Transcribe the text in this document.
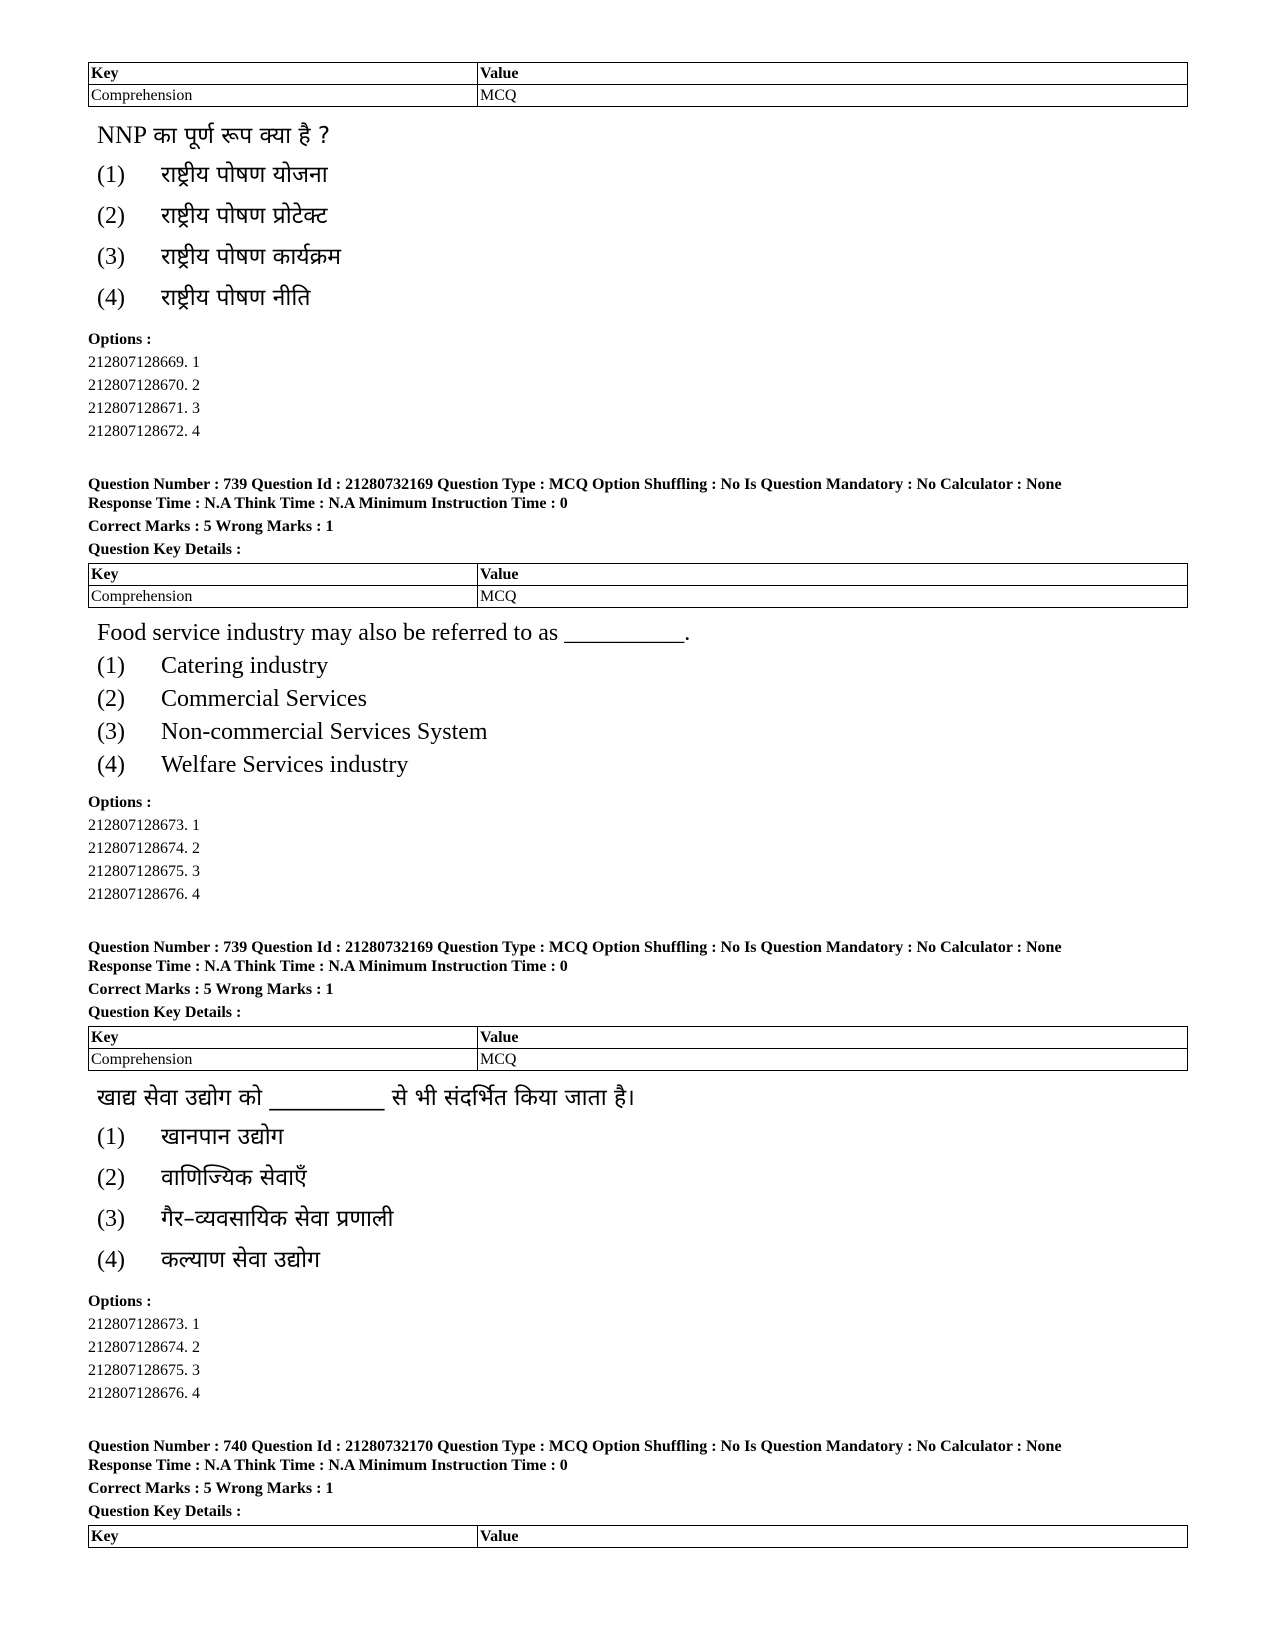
Key	Value
Comprehension	MCQ
NNP का पूर्ण रूप क्या है ?
(1)	राष्ट्रीय पोषण योजना
(2)	राष्ट्रीय पोषण प्रोटेक्ट
(3)	राष्ट्रीय पोषण कार्यक्रम
(4)	राष्ट्रीय पोषण नीति
Options :
212807128669. 1
212807128670. 2
212807128671. 3
212807128672. 4
Question Number : 739 Question Id : 21280732169 Question Type : MCQ Option Shuffling : No Is Question Mandatory : No Calculator : None
Response Time : N.A Think Time : N.A Minimum Instruction Time : 0
Correct Marks : 5 Wrong Marks : 1
Question Key Details :
Key	Value
Comprehension	MCQ
Food service industry may also be referred to as __________.
(1)	Catering industry
(2)	Commercial Services
(3)	Non-commercial Services System
(4)	Welfare Services industry
Options :
212807128673. 1
212807128674. 2
212807128675. 3
212807128676. 4
Question Number : 739 Question Id : 21280732169 Question Type : MCQ Option Shuffling : No Is Question Mandatory : No Calculator : None
Response Time : N.A Think Time : N.A Minimum Instruction Time : 0
Correct Marks : 5 Wrong Marks : 1
Question Key Details :
Key	Value
Comprehension	MCQ
खाद्य सेवा उद्योग को __________ से भी संदर्भित किया जाता है।
(1)	खानपान उद्योग
(2)	वाणिज्यिक सेवाएँ
(3)	गैर–व्यवसायिक सेवा प्रणाली
(4)	कल्याण सेवा उद्योग
Options :
212807128673. 1
212807128674. 2
212807128675. 3
212807128676. 4
Question Number : 740 Question Id : 21280732170 Question Type : MCQ Option Shuffling : No Is Question Mandatory : No Calculator : None
Response Time : N.A Think Time : N.A Minimum Instruction Time : 0
Correct Marks : 5 Wrong Marks : 1
Question Key Details :
Key	Value
